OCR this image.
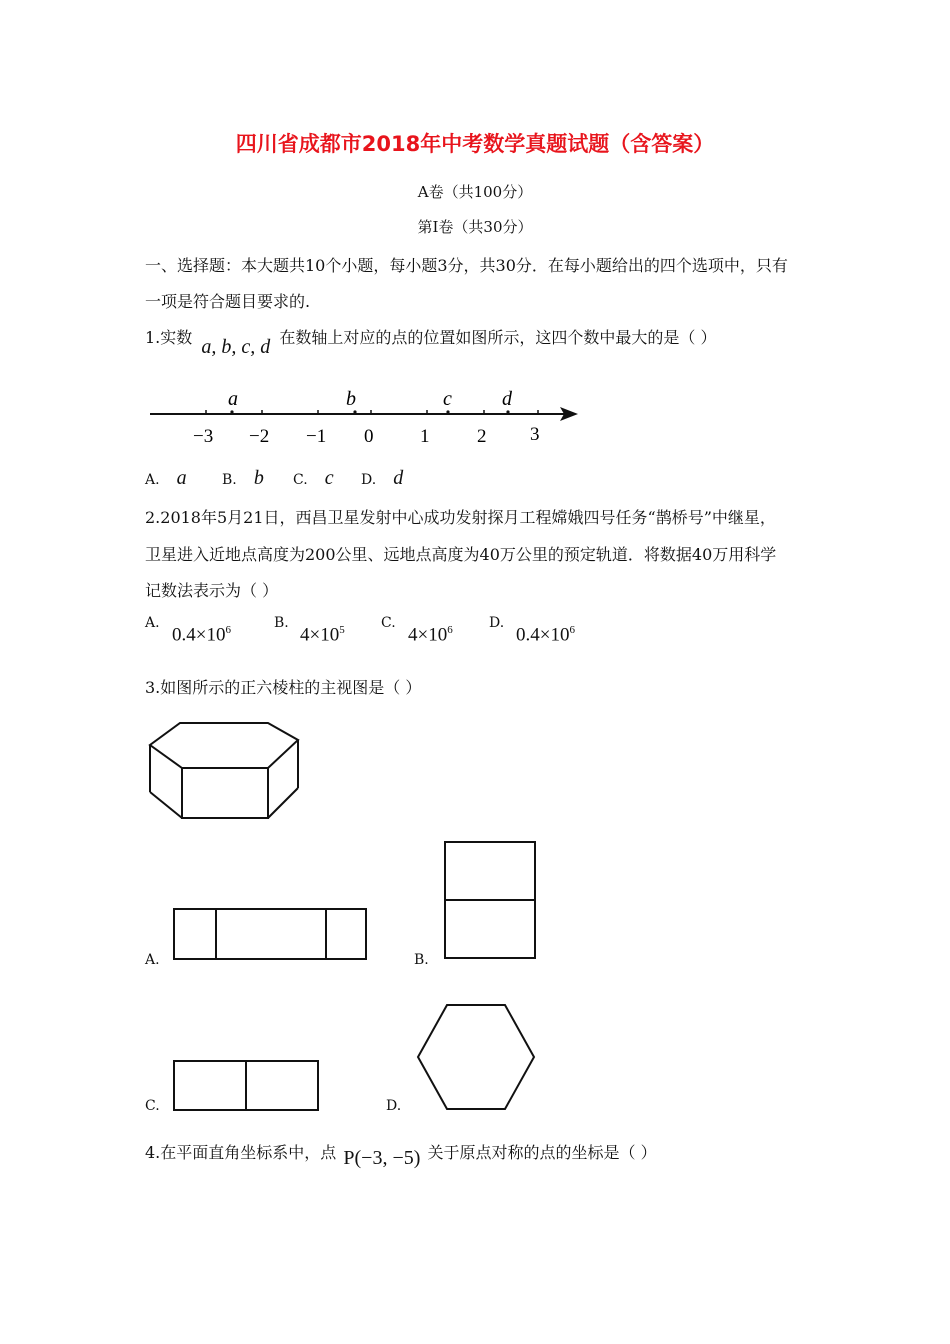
四川省成都市2018年中考数学真题试题（含答案）
A卷（共100分）
第Ⅰ卷（共30分）
一、选择题：本大题共10个小题，每小题3分，共30分．在每小题给出的四个选项中，只有
一项是符合题目要求的.
1.实数 a, b, c, d 在数轴上对应的点的位置如图所示，这四个数中最大的是（ ）
−3 −2 −1 0 1	2 3
a	b	c	d
A. a	B. b C. c D. d
2.2018年5月21日，西昌卫星发射中心成功发射探月工程嫦娥四号任务“鹊桥号”中继星，
卫星进入近地点高度为200公里、远地点高度为40万公里的预定轨道．将数据40万用科学
记数法表示为（ ）
A.
$0.4\times 10^6$	B.
$4\times 10^5$	C.
$4\times 10^6$	D.
$0.4\times 10^6$
3.如图所示的正六棱柱的主视图是（ ）
A.	B.
C.	D.
4.在平面直角坐标系中，点 P(−3, −5) 关于原点对称的点的坐标是（ ）
